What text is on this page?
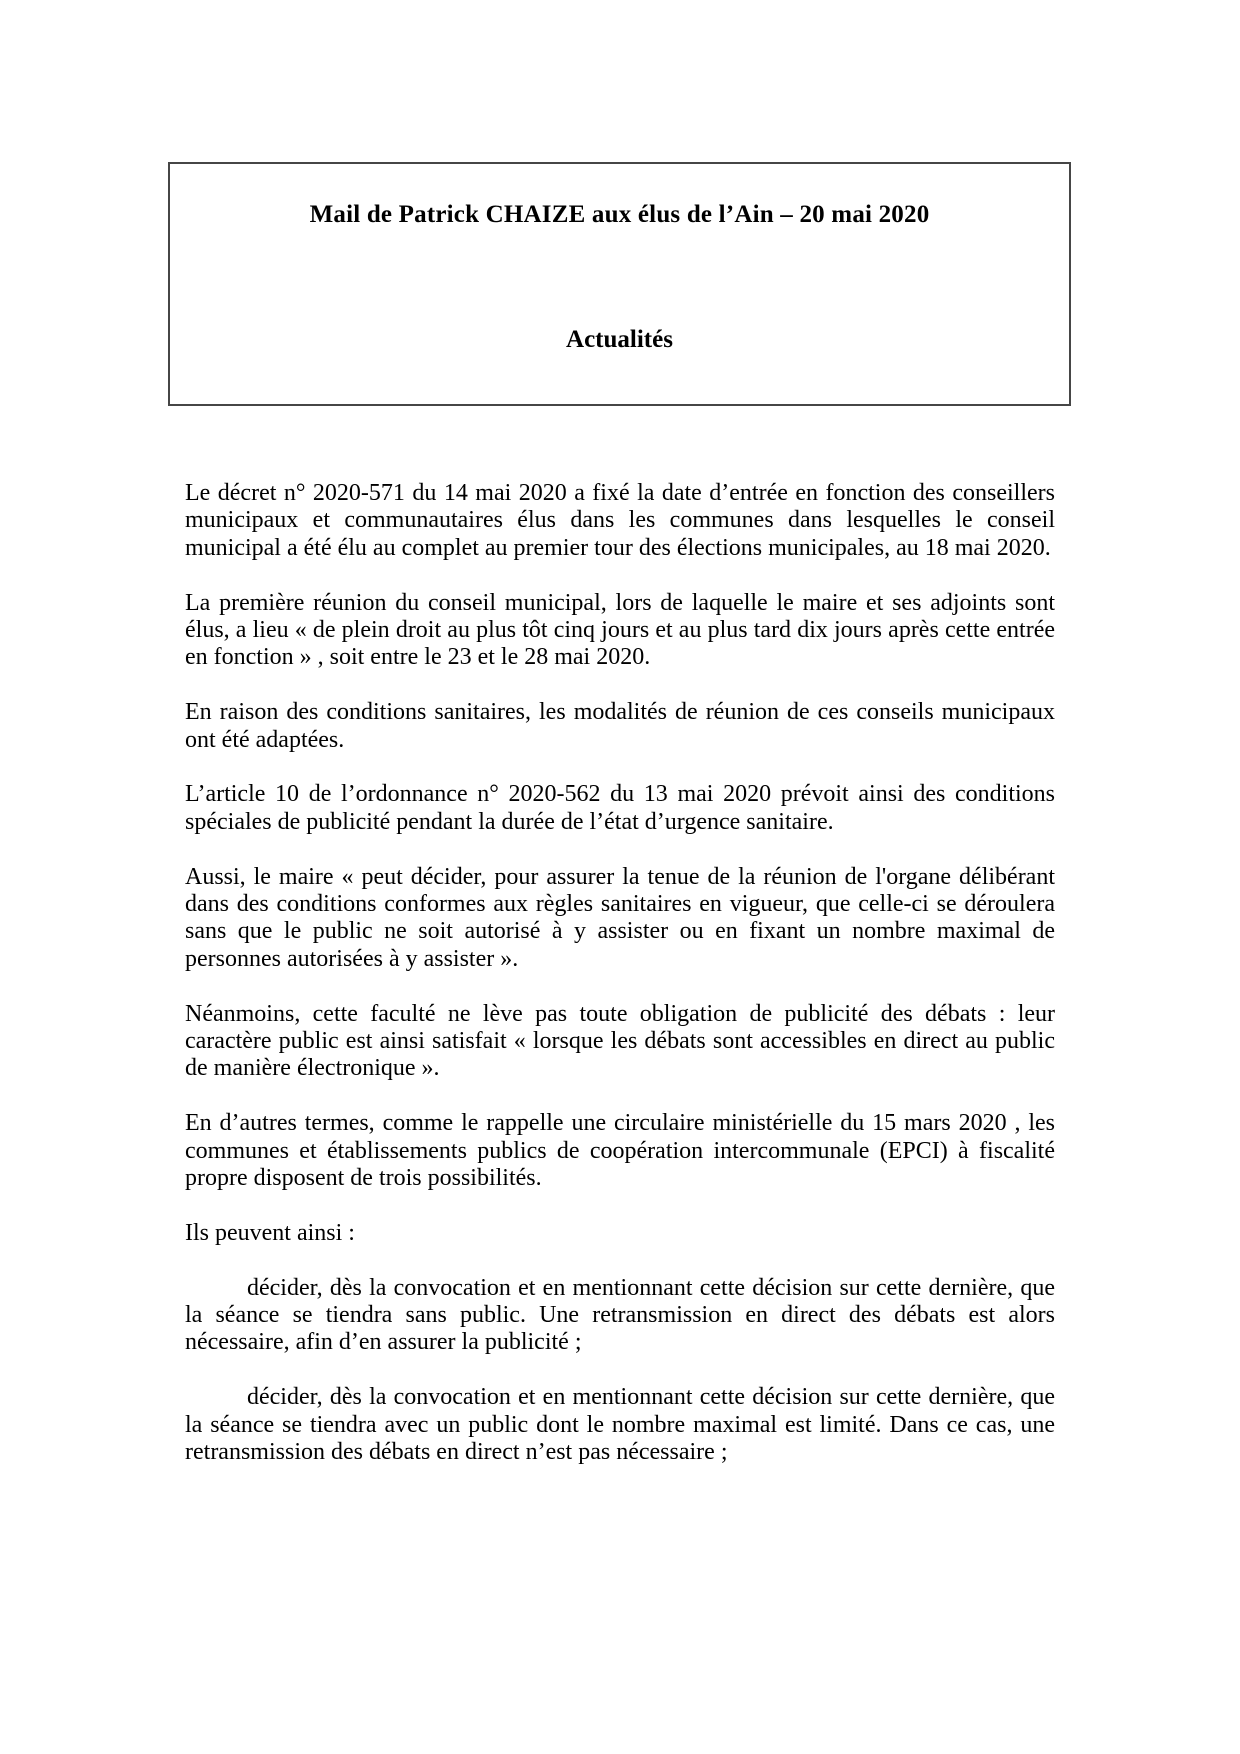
Mail de Patrick CHAIZE aux élus de l’Ain – 20 mai 2020

Actualités

Le décret n° 2020-571 du 14 mai 2020 a fixé la date d’entrée en fonction des conseillers municipaux et communautaires élus dans les communes dans lesquelles le conseil municipal a été élu au complet au premier tour des élections municipales, au 18 mai 2020.

La première réunion du conseil municipal, lors de laquelle le maire et ses adjoints sont élus, a lieu « de plein droit au plus tôt cinq jours et au plus tard dix jours après cette entrée en fonction » , soit entre le 23 et le 28 mai 2020.

En raison des conditions sanitaires, les modalités de réunion de ces conseils municipaux ont été adaptées.

L’article 10 de l’ordonnance n° 2020-562 du 13 mai 2020 prévoit ainsi des conditions spéciales de publicité pendant la durée de l’état d’urgence sanitaire.

Aussi, le maire « peut décider, pour assurer la tenue de la réunion de l'organe délibérant dans des conditions conformes aux règles sanitaires en vigueur, que celle-ci se déroulera sans que le public ne soit autorisé à y assister ou en fixant un nombre maximal de personnes autorisées à y assister ».

Néanmoins, cette faculté ne lève pas toute obligation de publicité des débats : leur caractère public est ainsi satisfait « lorsque les débats sont accessibles en direct au public de manière électronique ».

En d’autres termes, comme le rappelle une circulaire ministérielle du 15 mars 2020 , les communes et établissements publics de coopération intercommunale (EPCI) à fiscalité propre disposent de trois possibilités.

Ils peuvent ainsi :

décider, dès la convocation et en mentionnant cette décision sur cette dernière, que la séance se tiendra sans public. Une retransmission en direct des débats est alors nécessaire, afin d’en assurer la publicité ;

décider, dès la convocation et en mentionnant cette décision sur cette dernière, que la séance se tiendra avec un public dont le nombre maximal est limité. Dans ce cas, une retransmission des débats en direct n’est pas nécessaire ;
